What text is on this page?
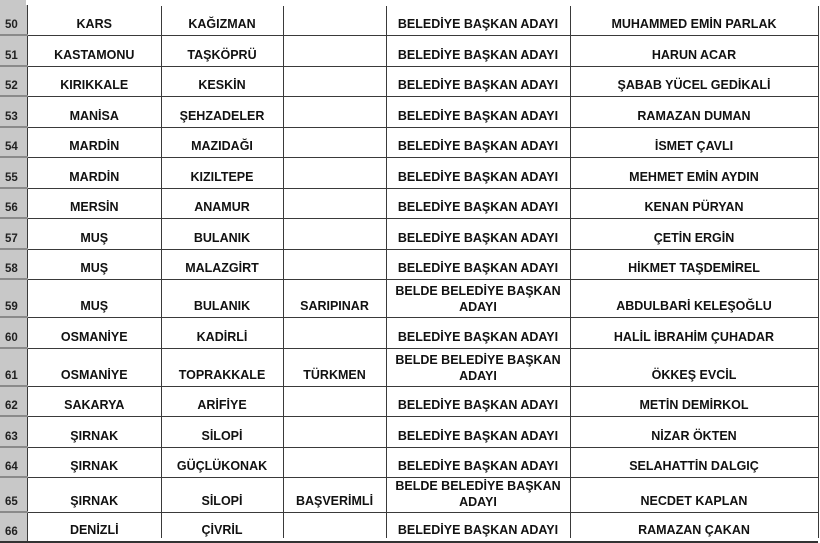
50	KARS	KAĞIZMAN		BELEDİYE BAŞKAN ADAYI	MUHAMMED EMİN PARLAK
51	KASTAMONU	TAŞKÖPRÜ		BELEDİYE BAŞKAN ADAYI	HARUN ACAR
52	KIRIKKALE	KESKİN		BELEDİYE BAŞKAN ADAYI	ŞABAB YÜCEL GEDİKALİ
53	MANİSA	ŞEHZADELER		BELEDİYE BAŞKAN ADAYI	RAMAZAN DUMAN
54	MARDİN	MAZIDAĞI		BELEDİYE BAŞKAN ADAYI	İSMET ÇAVLI
55	MARDİN	KIZILTEPE		BELEDİYE BAŞKAN ADAYI	MEHMET EMİN AYDIN
56	MERSİN	ANAMUR		BELEDİYE BAŞKAN ADAYI	KENAN PÜRYAN
57	MUŞ	BULANIK		BELEDİYE BAŞKAN ADAYI	ÇETİN ERGİN
58	MUŞ	MALAZGİRT		BELEDİYE BAŞKAN ADAYI	HİKMET TAŞDEMİREL
59	MUŞ	BULANIK	SARIPINAR	BELDE BELEDİYE BAŞKAN ADAYI	ABDULBARİ KELEŞOĞLU
60	OSMANİYE	KADİRLİ		BELEDİYE BAŞKAN ADAYI	HALİL İBRAHİM ÇUHADAR
61	OSMANİYE	TOPRAKKALE	TÜRKMEN	BELDE BELEDİYE BAŞKAN ADAYI	ÖKKEŞ EVCİL
62	SAKARYA	ARİFİYE		BELEDİYE BAŞKAN ADAYI	METİN DEMİRKOL
63	ŞIRNAK	SİLOPİ		BELEDİYE BAŞKAN ADAYI	NİZAR ÖKTEN
64	ŞIRNAK	GÜÇLÜKONAK		BELEDİYE BAŞKAN ADAYI	SELAHATTİN DALGIÇ
65	ŞIRNAK	SİLOPİ	BAŞVERİMLİ	BELDE BELEDİYE BAŞKAN ADAYI	NECDET KAPLAN
66	DENİZLİ	ÇİVRİL		BELEDİYE BAŞKAN ADAYI	RAMAZAN ÇAKAN
